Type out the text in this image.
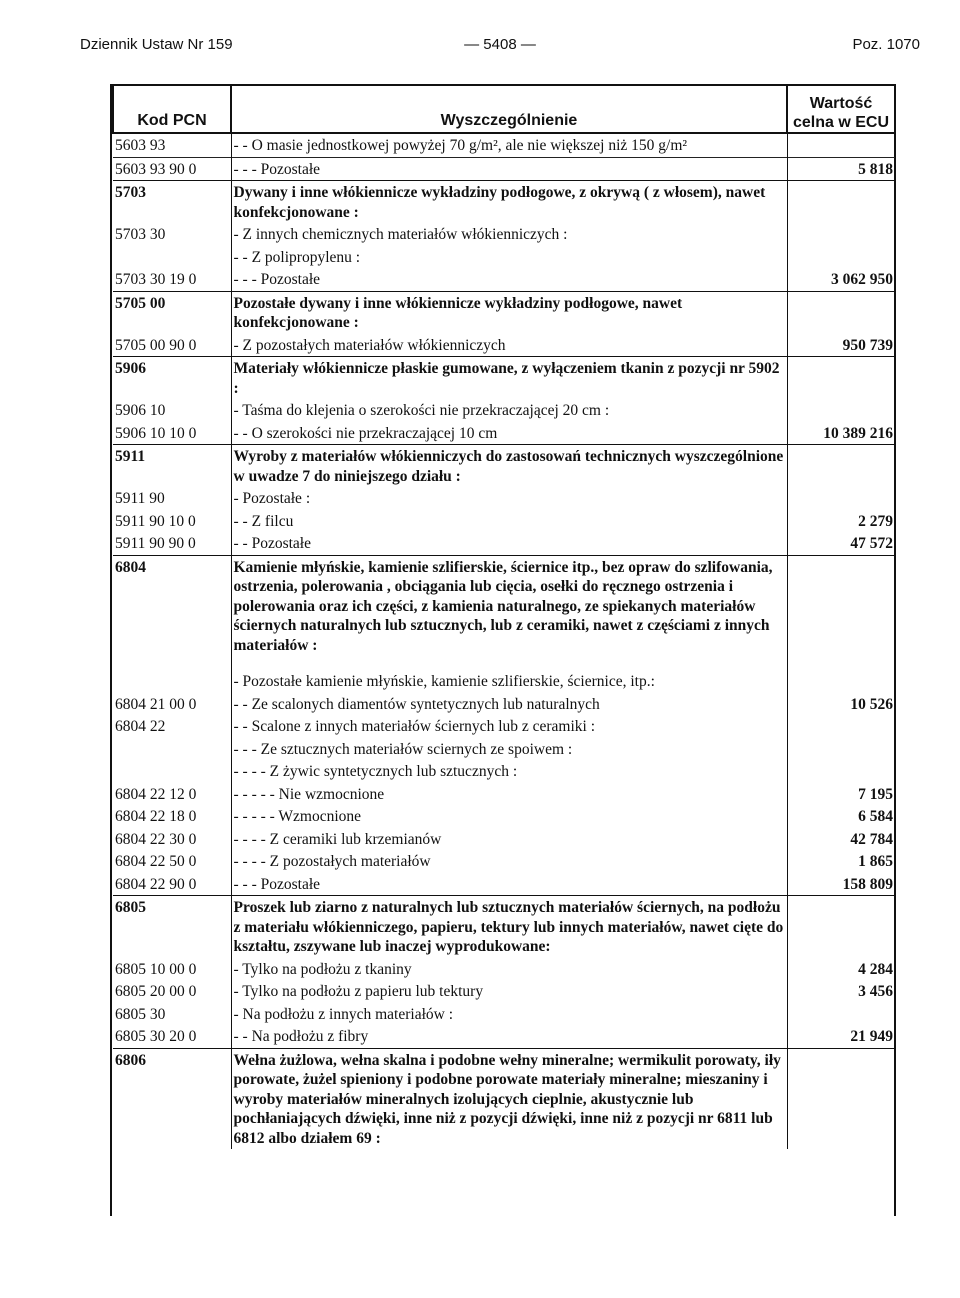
Dziennik Ustaw Nr 159	— 5408 —	Poz. 1070
Kod PCN	Wyszczególnienie	Wartość
celna w ECU

5603 93	- - O masie jednostkowej powyżej 70 g/m², ale nie większej niż 150 g/m²	
5603 93 90 0	- - - Pozostałe	5 818
5703	Dywany i inne włókiennicze wykładziny podłogowe, z okrywą ( z włosem), nawet konfekcjonowane :	
5703 30	- Z innych chemicznych materiałów włókienniczych :	
	- - Z polipropylenu :	
5703 30 19 0	- - - Pozostałe	3 062 950
5705 00	Pozostałe dywany i inne włókiennicze wykładziny podłogowe, nawet konfekcjonowane :	
5705 00 90 0	- Z pozostałych materiałów włókienniczych	950 739
5906	Materiały włókiennicze płaskie gumowane, z wyłączeniem tkanin z pozycji nr 5902 :	
5906 10	- Taśma do klejenia o szerokości nie przekraczającej 20 cm :	
5906 10 10 0	- - O szerokości nie przekraczającej 10 cm	10 389 216
5911	Wyroby z materiałów włókienniczych do zastosowań technicznych wyszczególnione w uwadze 7 do niniejszego działu :	
5911 90	- Pozostałe :	
5911 90 10 0	- - Z filcu	2 279
5911 90 90 0	- - Pozostałe	47 572
6804	Kamienie młyńskie, kamienie szlifierskie, ściernice itp., bez opraw do szlifowania, ostrzenia, polerowania , obciągania lub cięcia, osełki do ręcznego ostrzenia i polerowania oraz ich części, z kamienia naturalnego, ze spiekanych materiałów ściernych naturalnych lub sztucznych, lub z ceramiki, nawet z częściami z innych materiałów :	
	- Pozostałe kamienie młyńskie, kamienie szlifierskie, ściernice, itp.:	
6804 21 00 0	- - Ze scalonych diamentów syntetycznych lub naturalnych	10 526
6804 22	- - Scalone z innych materiałów ściernych lub z ceramiki :	
	- - - Ze sztucznych materiałów sciernych ze spoiwem :	
	- - - - Z żywic syntetycznych lub sztucznych :	
6804 22 12 0	- - - - - Nie wzmocnione	7 195
6804 22 18 0	- - - - - Wzmocnione	6 584
6804 22 30 0	- - - - Z ceramiki lub krzemianów	42 784
6804 22 50 0	- - - - Z pozostałych materiałów	1 865
6804 22 90 0	- - - Pozostałe	158 809
6805	Proszek lub ziarno z naturalnych lub sztucznych materiałów ściernych, na podłożu z materiału włókienniczego, papieru, tektury lub innych materiałów, nawet cięte do kształtu, zszywane lub inaczej wyprodukowane:	
6805 10 00 0	- Tylko na podłożu z tkaniny	4 284
6805 20 00 0	- Tylko na podłożu z papieru lub tektury	3 456
6805 30	- Na podłożu z innych materiałów :	
6805 30 20 0	- - Na podłożu z fibry	21 949
6806	Wełna żużlowa, wełna skalna i podobne wełny mineralne; wermikulit porowaty, iły porowate, żużel spieniony i podobne porowate materiały mineralne; mieszaniny i wyroby materiałów mineralnych izolujących cieplnie, akustycznie lub pochłaniających dźwięki, inne niż z pozycji dźwięki, inne niż z pozycji nr 6811 lub 6812 albo działem 69 :	
